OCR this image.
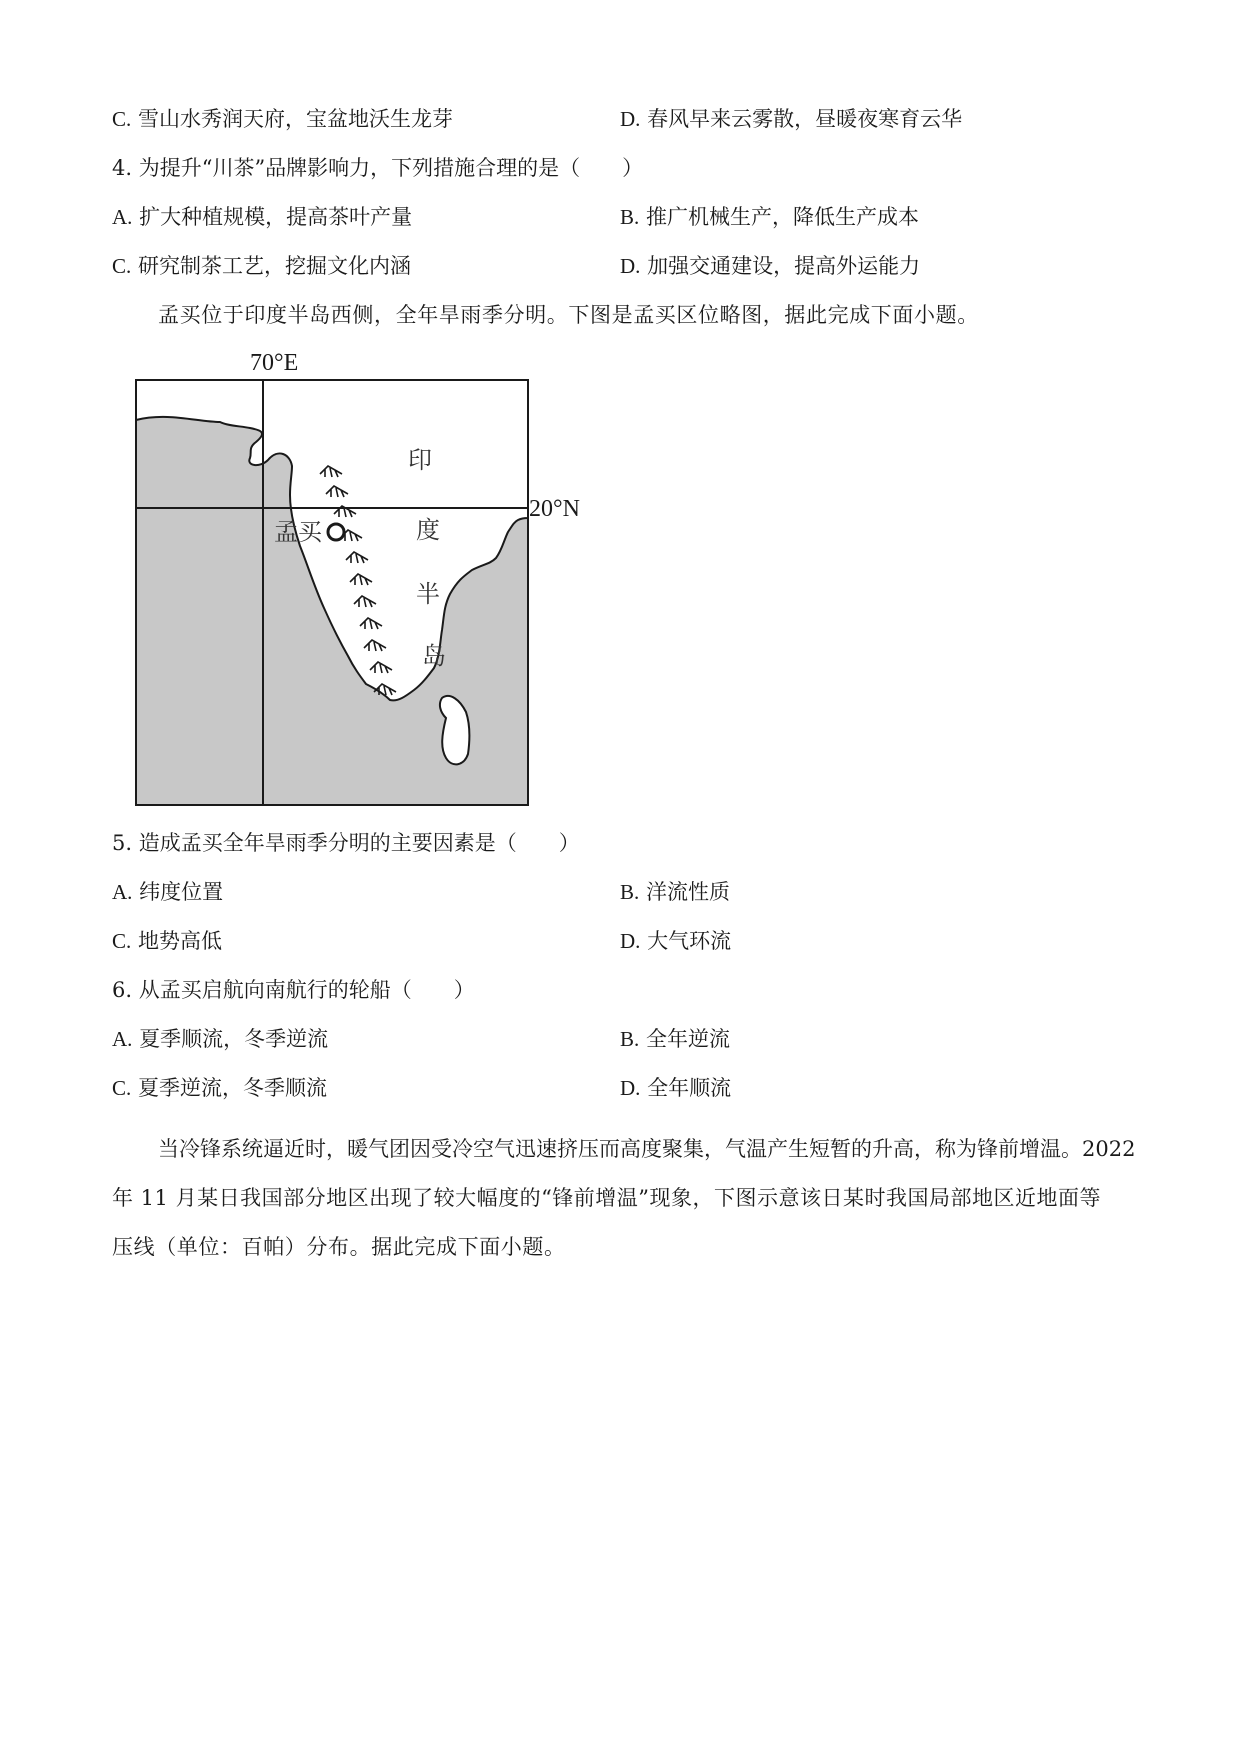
C. 雪山水秀润天府，宝盆地沃生龙芽	D. 春风早来云雾散，昼暖夜寒育云华
4. 为提升“川茶”品牌影响力，下列措施合理的是（　　）
A. 扩大种植规模，提高茶叶产量	B. 推广机械生产，降低生产成本
C. 研究制茶工艺，挖掘文化内涵	D. 加强交通建设，提高外运能力
孟买位于印度半岛西侧，全年旱雨季分明。下图是孟买区位略图，据此完成下面小题。
70°E
20°N
孟买
印
度
半
岛
5. 造成孟买全年旱雨季分明的主要因素是（　　）
A. 纬度位置	B. 洋流性质
C. 地势高低	D. 大气环流
6. 从孟买启航向南航行的轮船（　　）
A. 夏季顺流，冬季逆流	B. 全年逆流
C. 夏季逆流，冬季顺流	D. 全年顺流
当冷锋系统逼近时，暖气团因受冷空气迅速挤压而高度聚集，气温产生短暂的升高，称为锋前增温。2022
年 11 月某日我国部分地区出现了较大幅度的“锋前增温”现象，下图示意该日某时我国局部地区近地面等
压线（单位：百帕）分布。据此完成下面小题。
